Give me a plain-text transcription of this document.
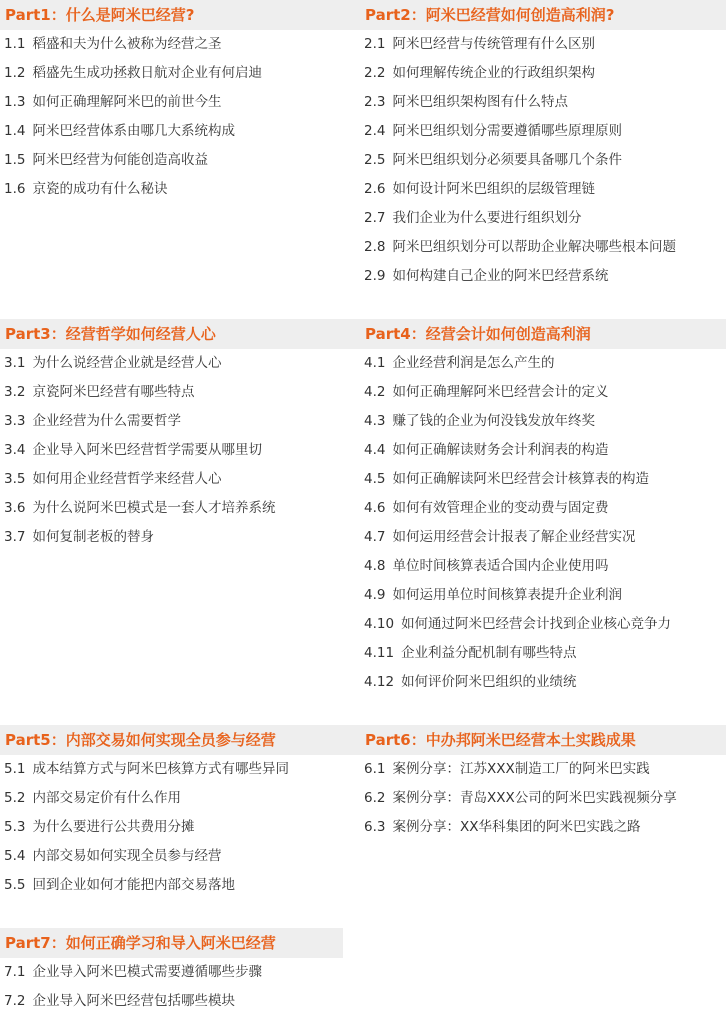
Part1：什么是阿米巴经营?
1.1 稻盛和夫为什么被称为经营之圣
1.2 稻盛先生成功拯救日航对企业有何启迪
1.3 如何正确理解阿米巴的前世今生
1.4 阿米巴经营体系由哪几大系统构成
1.5 阿米巴经营为何能创造高收益
1.6 京瓷的成功有什么秘诀
Part2：阿米巴经营如何创造高利润?
2.1 阿米巴经营与传统管理有什么区别
2.2 如何理解传统企业的行政组织架构
2.3 阿米巴组织架构图有什么特点
2.4 阿米巴组织划分需要遵循哪些原理原则
2.5 阿米巴组织划分必须要具备哪几个条件
2.6 如何设计阿米巴组织的层级管理链
2.7 我们企业为什么要进行组织划分
2.8 阿米巴组织划分可以帮助企业解决哪些根本问题
2.9 如何构建自己企业的阿米巴经营系统
Part3：经营哲学如何经营人心
3.1 为什么说经营企业就是经营人心
3.2 京瓷阿米巴经营有哪些特点
3.3 企业经营为什么需要哲学
3.4 企业导入阿米巴经营哲学需要从哪里切
3.5 如何用企业经营哲学来经营人心
3.6 为什么说阿米巴模式是一套人才培养系统
3.7 如何复制老板的替身
Part4：经营会计如何创造高利润
4.1 企业经营利润是怎么产生的
4.2 如何正确理解阿米巴经营会计的定义
4.3 赚了钱的企业为何没钱发放年终奖
4.4 如何正确解读财务会计利润表的构造
4.5 如何正确解读阿米巴经营会计核算表的构造
4.6 如何有效管理企业的变动费与固定费
4.7 如何运用经营会计报表了解企业经营实况
4.8 单位时间核算表适合国内企业使用吗
4.9 如何运用单位时间核算表提升企业利润
4.10 如何通过阿米巴经营会计找到企业核心竞争力
4.11 企业利益分配机制有哪些特点
4.12 如何评价阿米巴组织的业绩统
Part5：内部交易如何实现全员参与经营
5.1 成本结算方式与阿米巴核算方式有哪些异同
5.2 内部交易定价有什么作用
5.3 为什么要进行公共费用分摊
5.4 内部交易如何实现全员参与经营
5.5 回到企业如何才能把内部交易落地
Part6：中办邦阿米巴经营本土实践成果
6.1 案例分享：江苏XXX制造工厂的阿米巴实践
6.2 案例分享：青岛XXX公司的阿米巴实践视频分享
6.3 案例分享：XX华科集团的阿米巴实践之路
Part7：如何正确学习和导入阿米巴经营
7.1 企业导入阿米巴模式需要遵循哪些步骤
7.2 企业导入阿米巴经营包括哪些模块
